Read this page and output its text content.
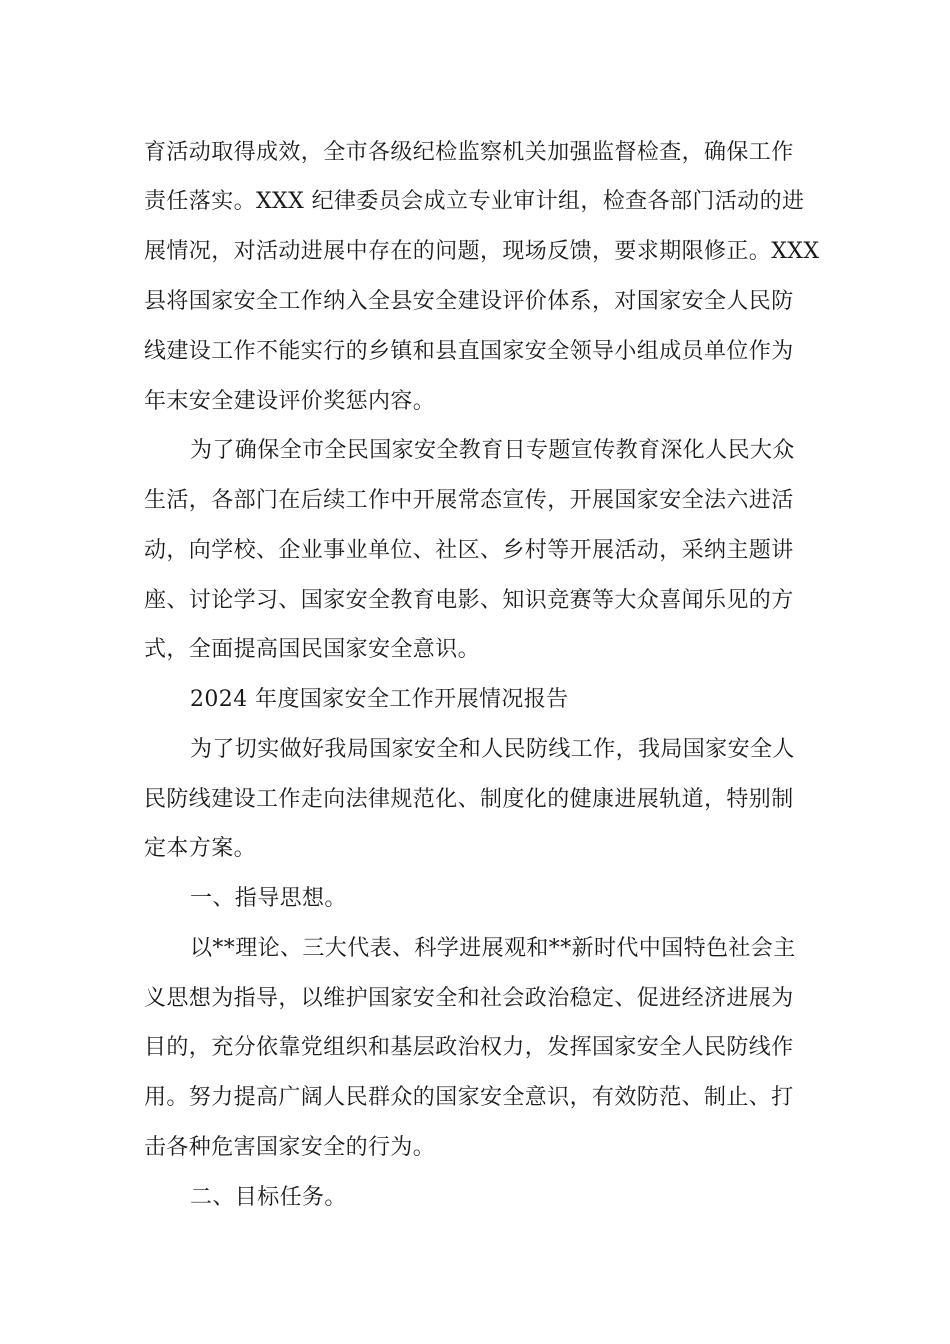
育活动取得成效，全市各级纪检监察机关加强监督检查，确保工作
责任落实。XXX 纪律委员会成立专业审计组，检查各部门活动的进
展情况，对活动进展中存在的问题，现场反馈，要求期限修正。XXX
县将国家安全工作纳入全县安全建设评价体系，对国家安全人民防
线建设工作不能实行的乡镇和县直国家安全领导小组成员单位作为
年末安全建设评价奖惩内容。
为了确保全市全民国家安全教育日专题宣传教育深化人民大众
生活，各部门在后续工作中开展常态宣传，开展国家安全法六进活
动，向学校、企业事业单位、社区、乡村等开展活动，采纳主题讲
座、讨论学习、国家安全教育电影、知识竞赛等大众喜闻乐见的方
式，全面提高国民国家安全意识。
2024 年度国家安全工作开展情况报告
为了切实做好我局国家安全和人民防线工作，我局国家安全人
民防线建设工作走向法律规范化、制度化的健康进展轨道，特别制
定本方案。
一、指导思想。
以**理论、三大代表、科学进展观和**新时代中国特色社会主
义思想为指导，以维护国家安全和社会政治稳定、促进经济进展为
目的，充分依靠党组织和基层政治权力，发挥国家安全人民防线作
用。努力提高广阔人民群众的国家安全意识，有效防范、制止、打
击各种危害国家安全的行为。
二、目标任务。
